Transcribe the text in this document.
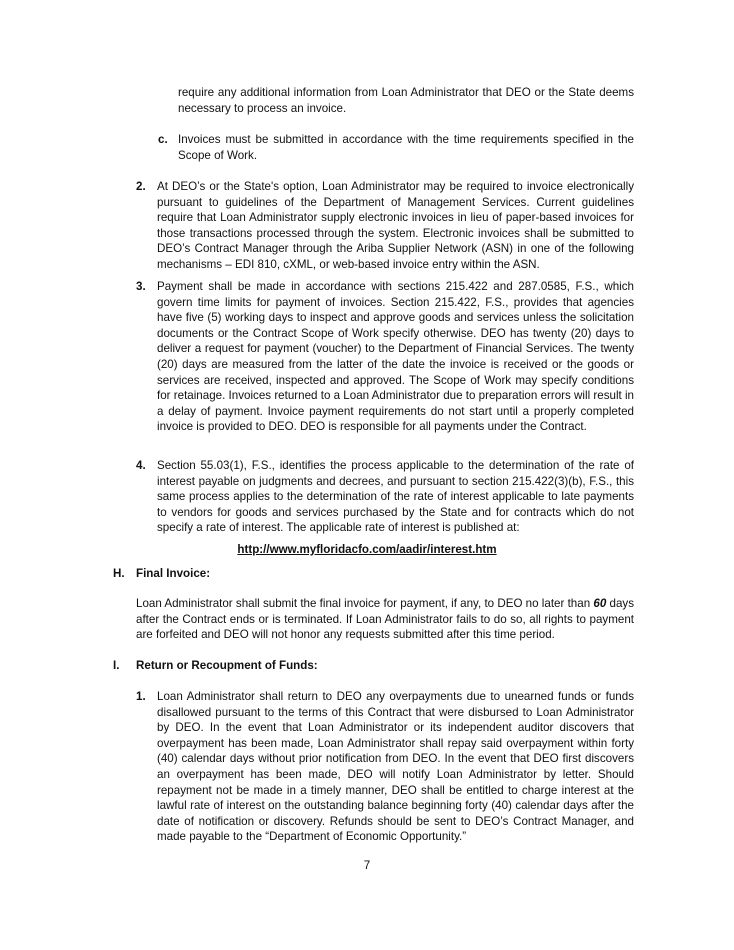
require any additional information from Loan Administrator that DEO or the State deems necessary to process an invoice.
c. Invoices must be submitted in accordance with the time requirements specified in the Scope of Work.
2. At DEO’s or the State's option, Loan Administrator may be required to invoice electronically pursuant to guidelines of the Department of Management Services. Current guidelines require that Loan Administrator supply electronic invoices in lieu of paper-based invoices for those transactions processed through the system. Electronic invoices shall be submitted to DEO’s Contract Manager through the Ariba Supplier Network (ASN) in one of the following mechanisms – EDI 810, cXML, or web-based invoice entry within the ASN.
3. Payment shall be made in accordance with sections 215.422 and 287.0585, F.S., which govern time limits for payment of invoices. Section 215.422, F.S., provides that agencies have five (5) working days to inspect and approve goods and services unless the solicitation documents or the Contract Scope of Work specify otherwise. DEO has twenty (20) days to deliver a request for payment (voucher) to the Department of Financial Services. The twenty (20) days are measured from the latter of the date the invoice is received or the goods or services are received, inspected and approved. The Scope of Work may specify conditions for retainage. Invoices returned to a Loan Administrator due to preparation errors will result in a delay of payment. Invoice payment requirements do not start until a properly completed invoice is provided to DEO. DEO is responsible for all payments under the Contract.
4. Section 55.03(1), F.S., identifies the process applicable to the determination of the rate of interest payable on judgments and decrees, and pursuant to section 215.422(3)(b), F.S., this same process applies to the determination of the rate of interest applicable to late payments to vendors for goods and services purchased by the State and for contracts which do not specify a rate of interest. The applicable rate of interest is published at:
http://www.myfloridacfo.com/aadir/interest.htm
H. Final Invoice:
Loan Administrator shall submit the final invoice for payment, if any, to DEO no later than 60 days after the Contract ends or is terminated. If Loan Administrator fails to do so, all rights to payment are forfeited and DEO will not honor any requests submitted after this time period.
I. Return or Recoupment of Funds:
1. Loan Administrator shall return to DEO any overpayments due to unearned funds or funds disallowed pursuant to the terms of this Contract that were disbursed to Loan Administrator by DEO. In the event that Loan Administrator or its independent auditor discovers that overpayment has been made, Loan Administrator shall repay said overpayment within forty (40) calendar days without prior notification from DEO. In the event that DEO first discovers an overpayment has been made, DEO will notify Loan Administrator by letter. Should repayment not be made in a timely manner, DEO shall be entitled to charge interest at the lawful rate of interest on the outstanding balance beginning forty (40) calendar days after the date of notification or discovery. Refunds should be sent to DEO’s Contract Manager, and made payable to the “Department of Economic Opportunity.”
7
